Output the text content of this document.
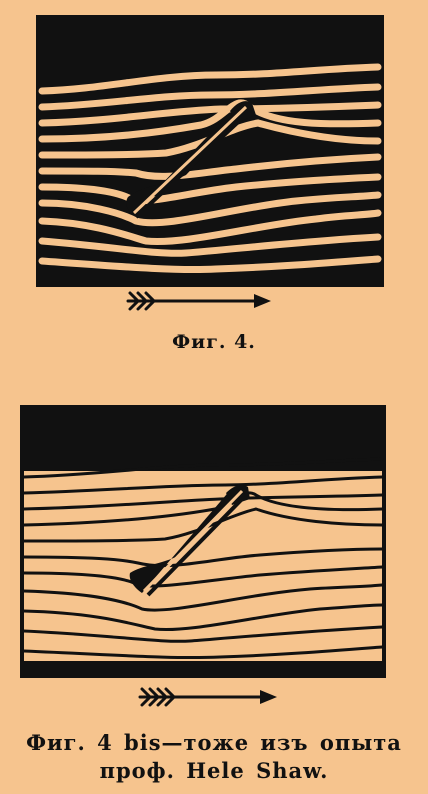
Фиг. 4.
Фиг. 4 bis—тоже изъ опыта
проф. Hele Shaw.
